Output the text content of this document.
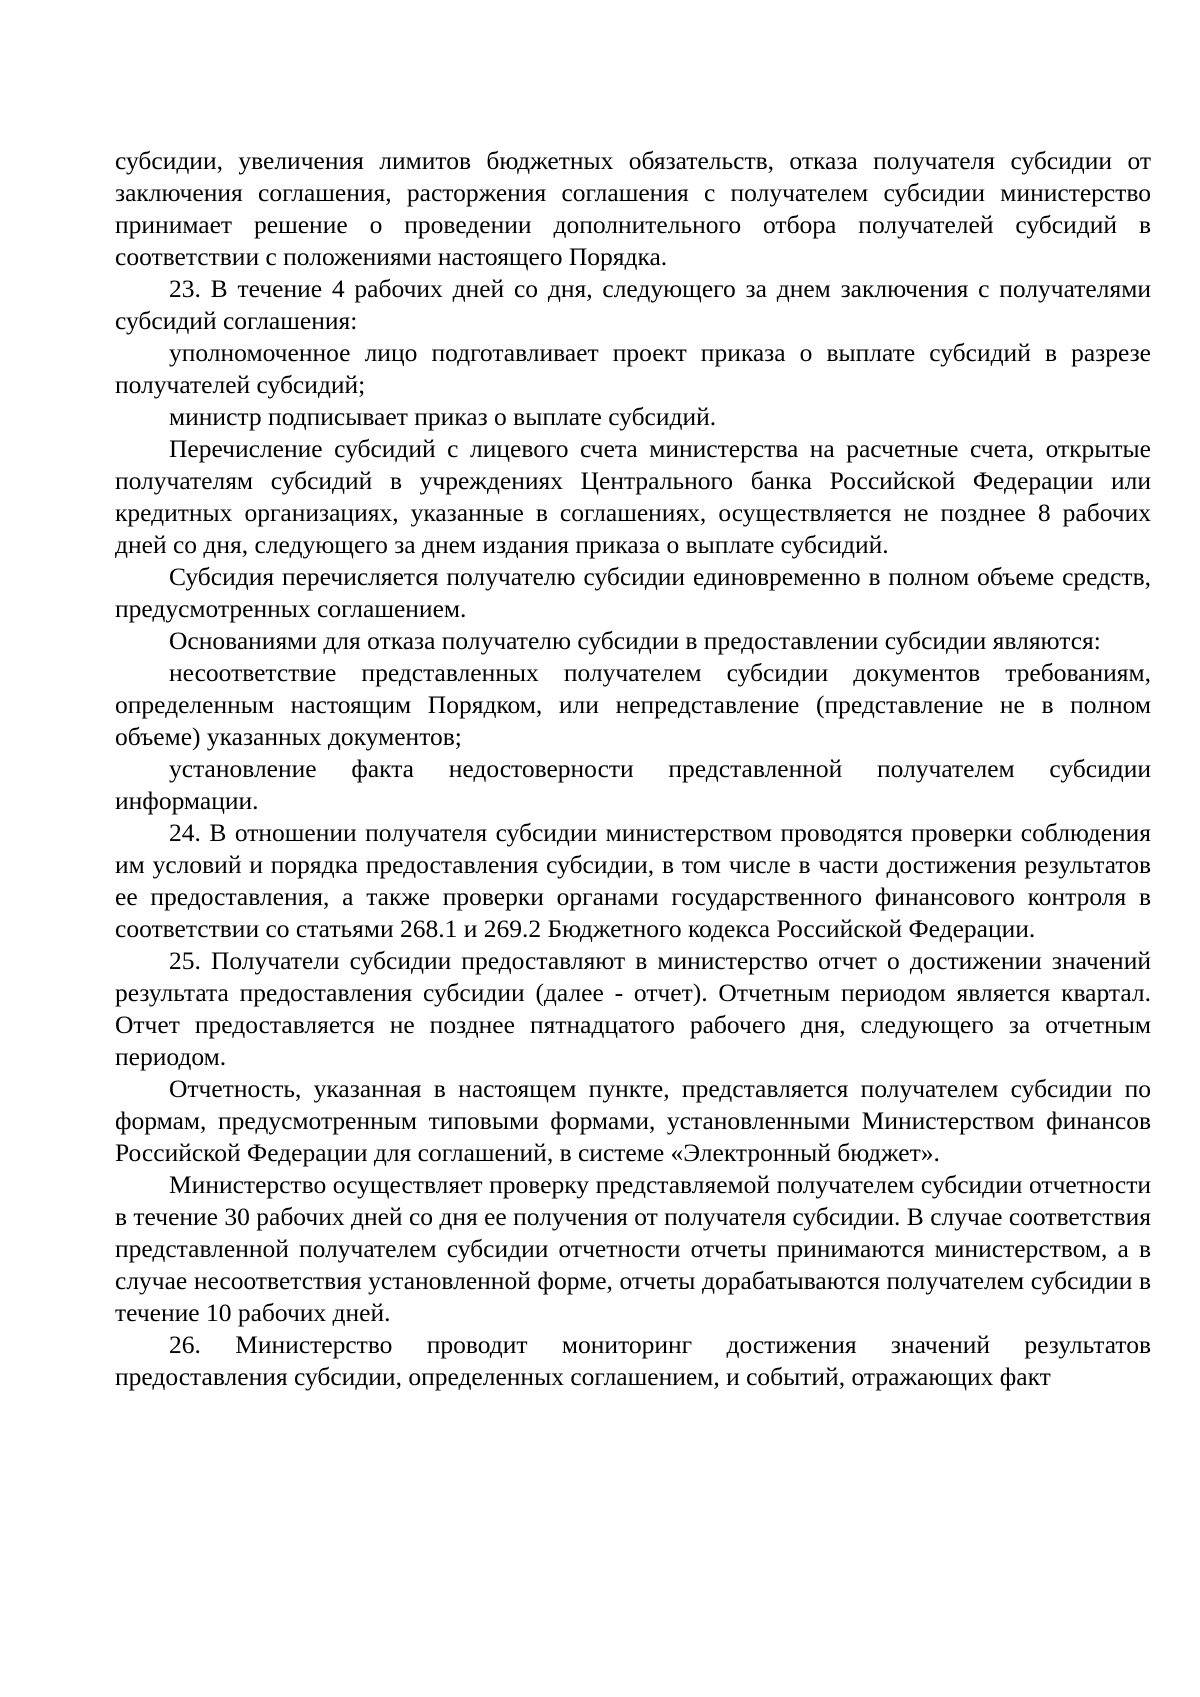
субсидии, увеличения лимитов бюджетных обязательств, отказа получателя субсидии от заключения соглашения, расторжения соглашения с получателем субсидии министерство принимает решение о проведении дополнительного отбора получателей субсидий в соответствии с положениями настоящего Порядка.

23. В течение 4 рабочих дней со дня, следующего за днем заключения с получателями субсидий соглашения:

уполномоченное лицо подготавливает проект приказа о выплате субсидий в разрезе получателей субсидий;

министр подписывает приказ о выплате субсидий.

Перечисление субсидий с лицевого счета министерства на расчетные счета, открытые получателям субсидий в учреждениях Центрального банка Российской Федерации или кредитных организациях, указанные в соглашениях, осуществляется не позднее 8 рабочих дней со дня, следующего за днем издания приказа о выплате субсидий.

Субсидия перечисляется получателю субсидии единовременно в полном объеме средств, предусмотренных соглашением.

Основаниями для отказа получателю субсидии в предоставлении субсидии являются:

несоответствие представленных получателем субсидии документов требованиям, определенным настоящим Порядком, или непредставление (представление не в полном объеме) указанных документов;

установление факта недостоверности представленной получателем субсидии информации.

24. В отношении получателя субсидии министерством проводятся проверки соблюдения им условий и порядка предоставления субсидии, в том числе в части достижения результатов ее предоставления, а также проверки органами государственного финансового контроля в соответствии со статьями 268.1 и 269.2 Бюджетного кодекса Российской Федерации.

25. Получатели субсидии предоставляют в министерство отчет о достижении значений результата предоставления субсидии (далее - отчет). Отчетным периодом является квартал. Отчет предоставляется не позднее пятнадцатого рабочего дня, следующего за отчетным периодом.

Отчетность, указанная в настоящем пункте, представляется получателем субсидии по формам, предусмотренным типовыми формами, установленными Министерством финансов Российской Федерации для соглашений, в системе «Электронный бюджет».

Министерство осуществляет проверку представляемой получателем субсидии отчетности в течение 30 рабочих дней со дня ее получения от получателя субсидии. В случае соответствия представленной получателем субсидии отчетности отчеты принимаются министерством, а в случае несоответствия установленной форме, отчеты дорабатываются получателем субсидии в течение 10 рабочих дней.

26. Министерство проводит мониторинг достижения значений результатов предоставления субсидии, определенных соглашением, и событий, отражающих факт
